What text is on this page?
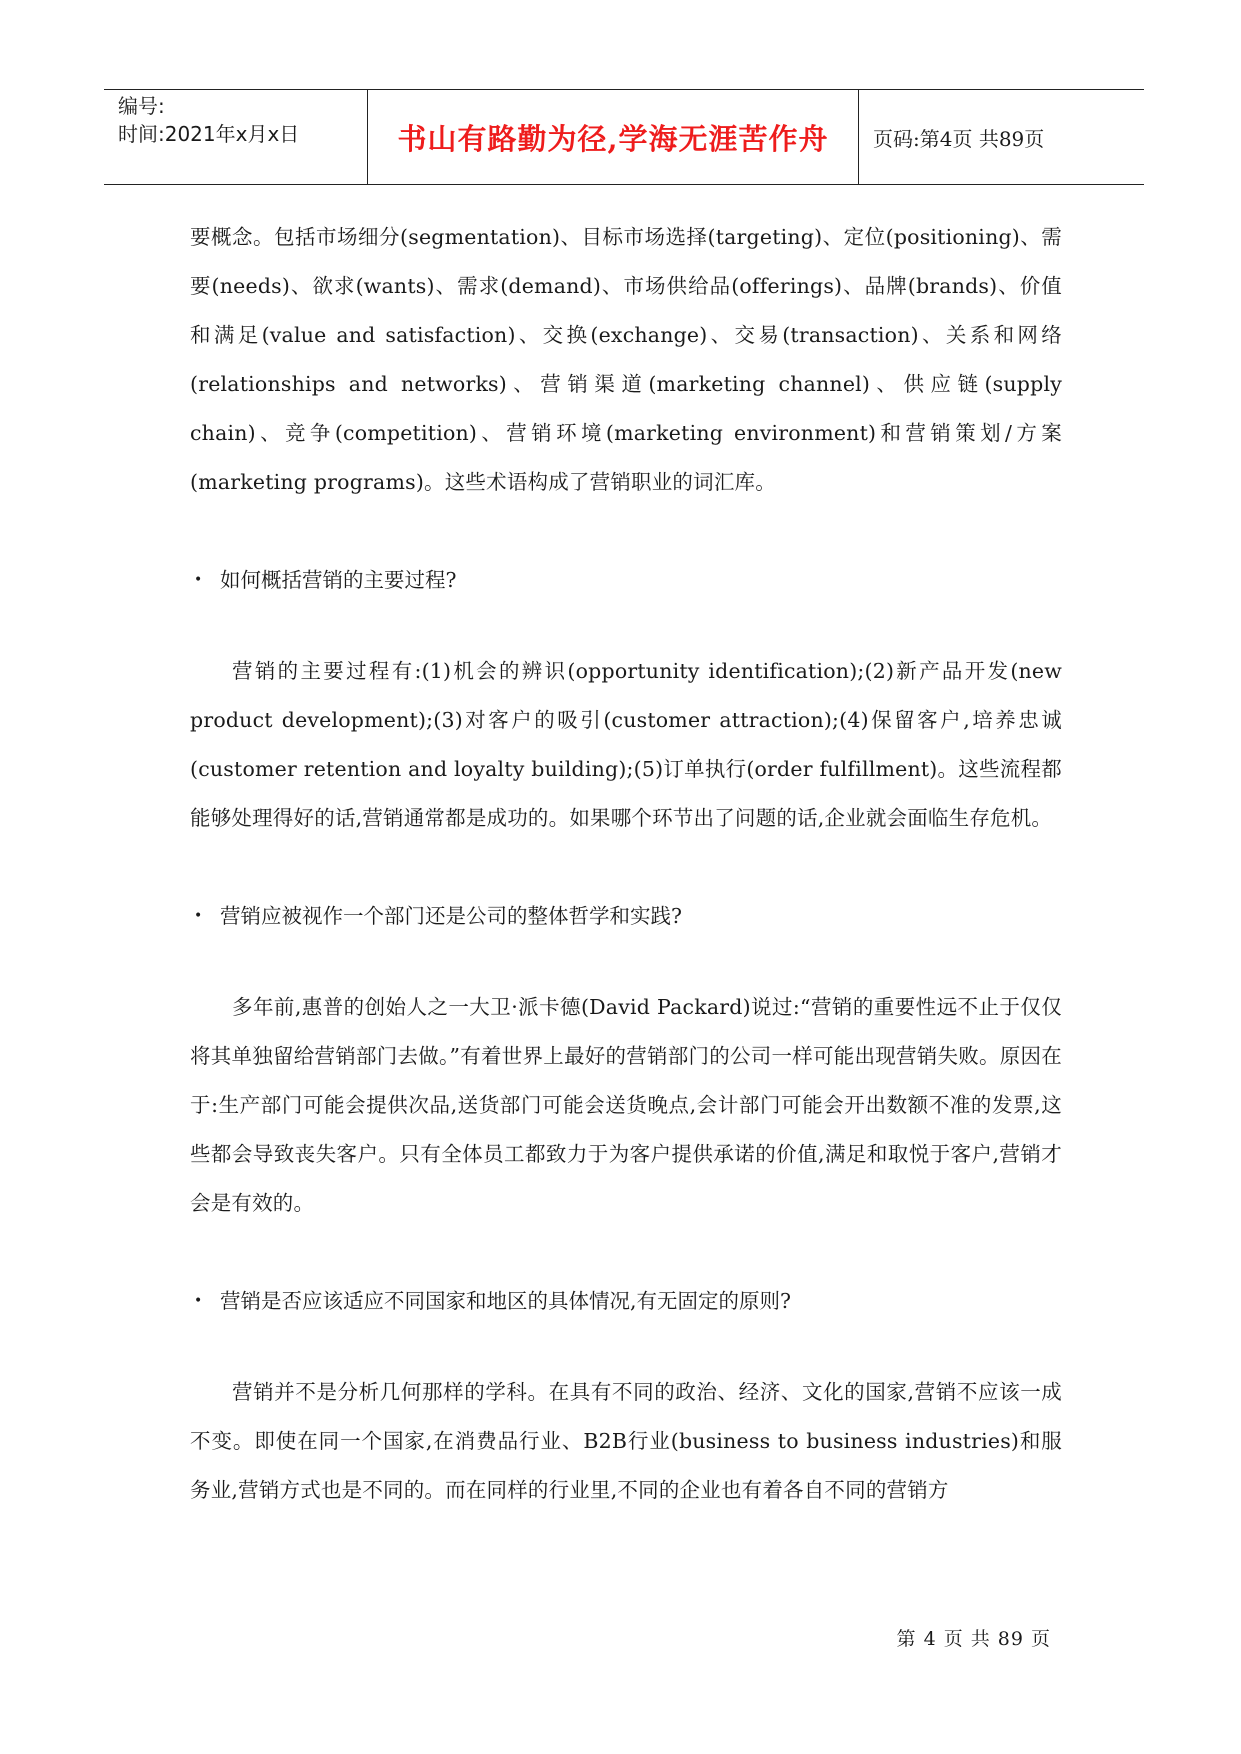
编号:
时间:2021年x月x日	书山有路勤为径,学海无涯苦作舟	页码:第4页 共89页

要概念。包括市场细分(segmentation)、目标市场选择(targeting)、定位(positioning)、需要(needs)、欲求(wants)、需求(demand)、市场供给品(offerings)、品牌(brands)、价值和满足(value and satisfaction)、交换(exchange)、交易(transaction)、关系和网络(relationships and networks)、营销渠道(marketing channel)、供应链(supply chain)、竞争(competition)、营销环境(marketing environment)和营销策划/方案(marketing programs)。这些术语构成了营销职业的词汇库。

• 如何概括营销的主要过程?

营销的主要过程有:(1)机会的辨识(opportunity identification);(2)新产品开发(new product development);(3)对客户的吸引(customer attraction);(4)保留客户,培养忠诚(customer retention and loyalty building);(5)订单执行(order fulfillment)。这些流程都能够处理得好的话,营销通常都是成功的。如果哪个环节出了问题的话,企业就会面临生存危机。

• 营销应被视作一个部门还是公司的整体哲学和实践?

多年前,惠普的创始人之一大卫·派卡德(David Packard)说过:“营销的重要性远不止于仅仅将其单独留给营销部门去做。”有着世界上最好的营销部门的公司一样可能出现营销失败。原因在于:生产部门可能会提供次品,送货部门可能会送货晚点,会计部门可能会开出数额不准的发票,这些都会导致丧失客户。只有全体员工都致力于为客户提供承诺的价值,满足和取悦于客户,营销才会是有效的。

• 营销是否应该适应不同国家和地区的具体情况,有无固定的原则?

营销并不是分析几何那样的学科。在具有不同的政治、经济、文化的国家,营销不应该一成不变。即使在同一个国家,在消费品行业、B2B行业(business to business industries)和服务业,营销方式也是不同的。而在同样的行业里,不同的企业也有着各自不同的营销方

第 4 页 共 89 页
